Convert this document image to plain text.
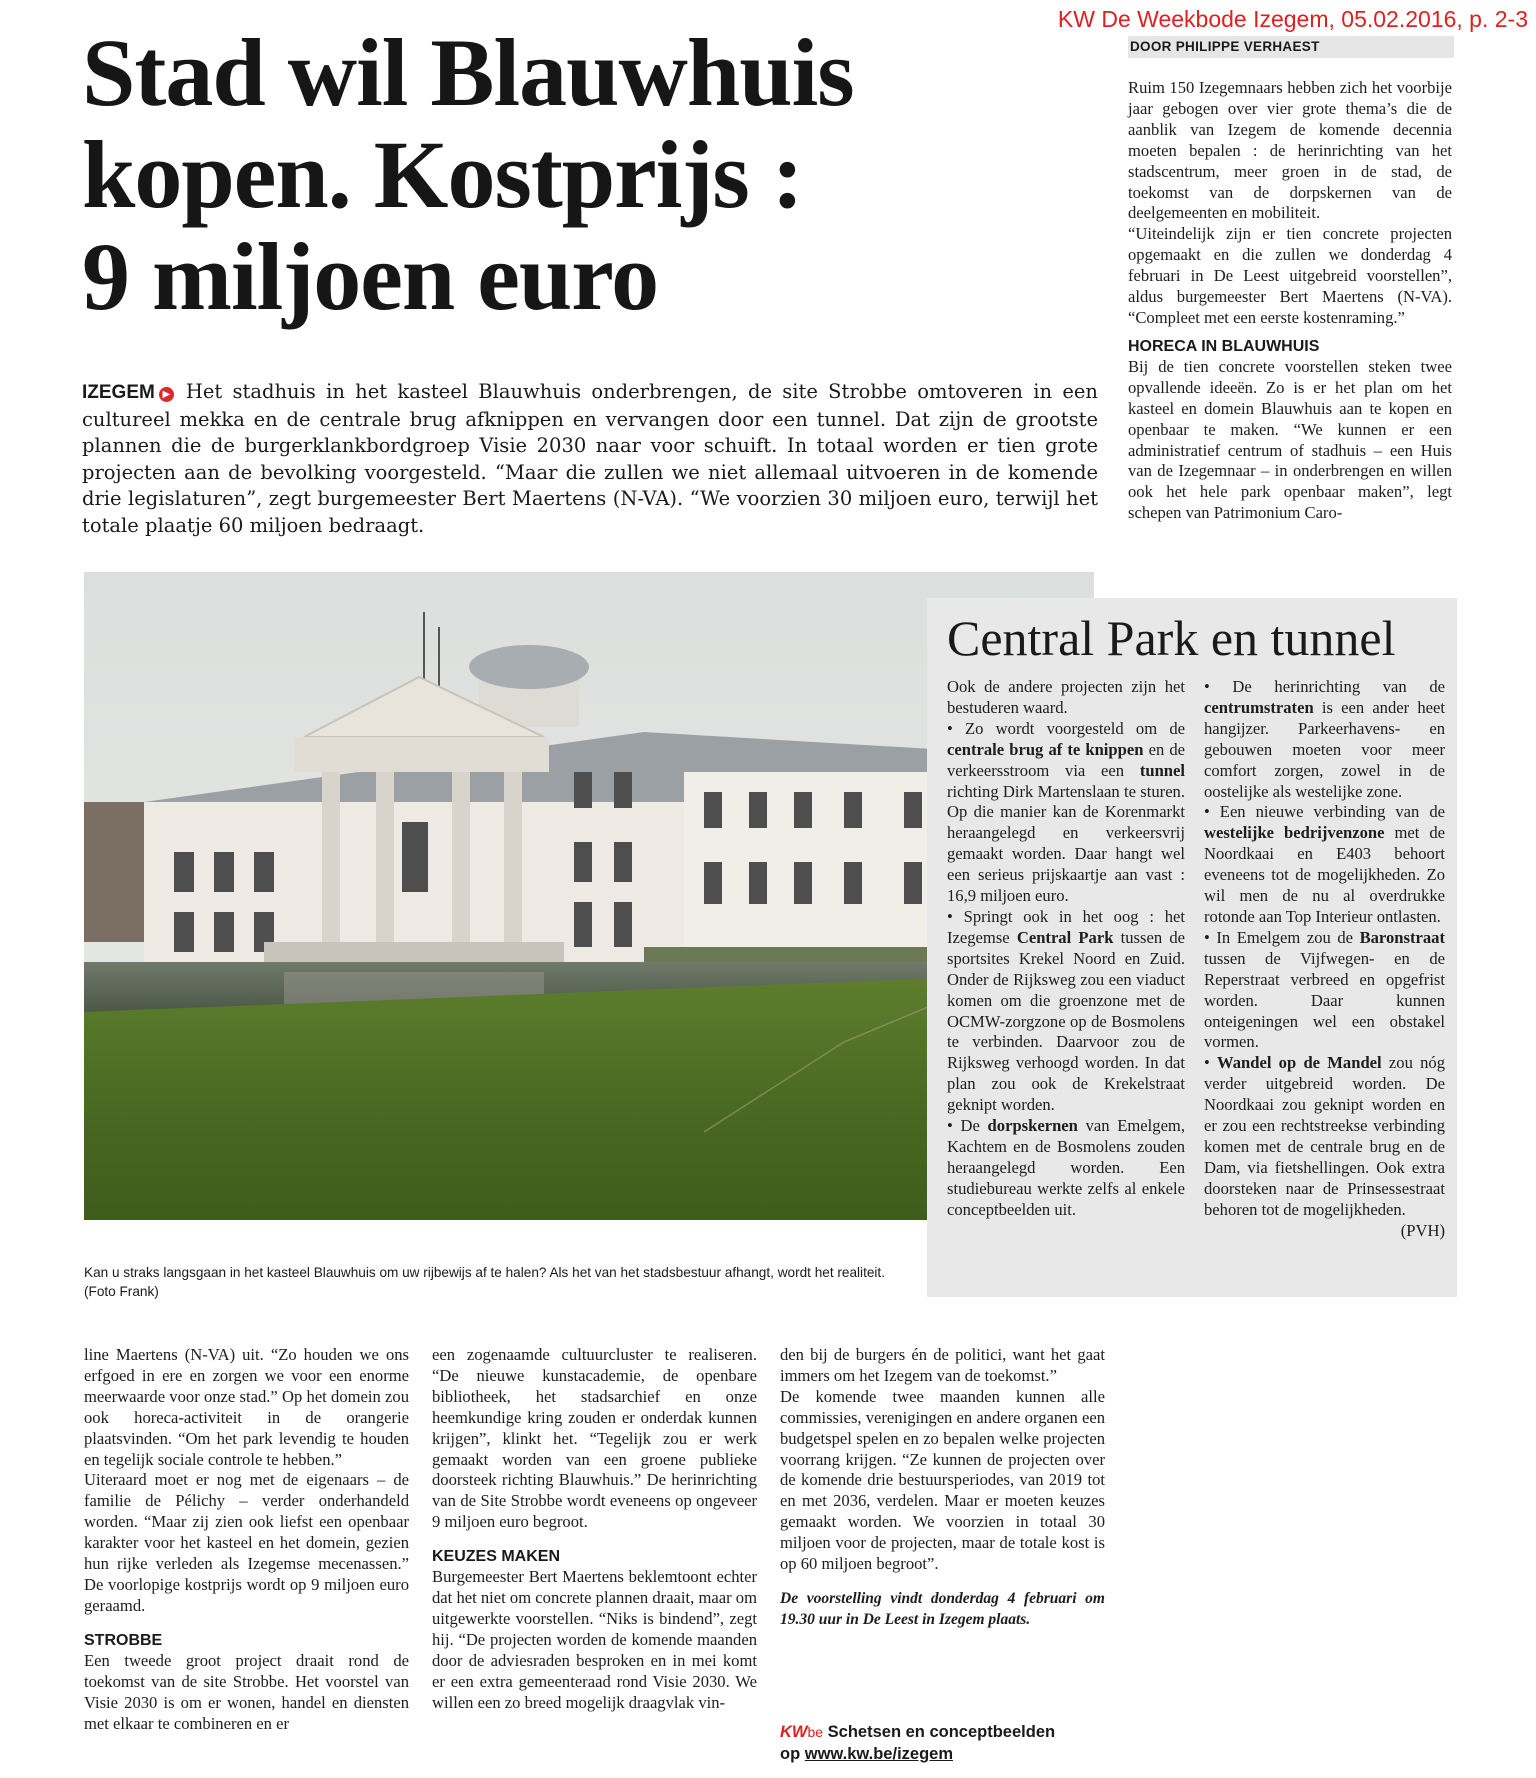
KW De Weekbode Izegem, 05.02.2016, p. 2-3
Stad wil Blauwhuis
kopen. Kostprijs :
9 miljoen euro
DOOR PHILIPPE VERHAEST

Ruim 150 Izegemnaars hebben zich het voorbije jaar gebogen over vier grote thema’s die de aanblik van Izegem de komende decennia moeten bepalen : de herinrichting van het stadscentrum, meer groen in de stad, de toekomst van de dorpskernen van de deelgemeenten en mobiliteit.

“Uiteindelijk zijn er tien concrete projecten opgemaakt en die zullen we donderdag 4 februari in De Leest uitgebreid voorstellen”, aldus burgemeester Bert Maertens (N-VA). “Compleet met een eerste kostenraming.”

HORECA IN BLAUWHUIS

Bij de tien concrete voorstellen steken twee opvallende ideeën. Zo is er het plan om het kasteel en domein Blauwhuis aan te kopen en openbaar te maken. “We kunnen er een administratief centrum of stadhuis – een Huis van de Izegemnaar – in onderbrengen en willen ook het hele park openbaar maken”, legt schepen van Patrimonium Caro-

IZEGEM ▶ Het stadhuis in het kasteel Blauwhuis onderbrengen, de site Strobbe omtoveren in een cultureel mekka en de centrale brug afknippen en vervangen door een tunnel. Dat zijn de grootste plannen die de burgerklankbordgroep Visie 2030 naar voor schuift. In totaal worden er tien grote projecten aan de bevolking voorgesteld. “Maar die zullen we niet allemaal uitvoeren in de komende drie legislaturen”, zegt burgemeester Bert Maertens (N-VA). “We voorzien 30 miljoen euro, terwijl het totale plaatje 60 miljoen bedraagt.
Kan u straks langsgaan in het kasteel Blauwhuis om uw rijbewijs af te halen? Als het van het stadsbestuur afhangt, wordt het realiteit. (Foto Frank)
Central Park en tunnel

Ook de andere projecten zijn het bestuderen waard.

• Zo wordt voorgesteld om de centrale brug af te knippen en de verkeersstroom via een tunnel richting Dirk Martenslaan te sturen. Op die manier kan de Korenmarkt heraangelegd en verkeersvrij gemaakt worden. Daar hangt wel een serieus prijskaartje aan vast : 16,9 miljoen euro.

• Springt ook in het oog : het Izegemse Central Park tussen de sportsites Krekel Noord en Zuid. Onder de Rijksweg zou een viaduct komen om die groenzone met de OCMW-zorgzone op de Bosmolens te verbinden. Daarvoor zou de Rijksweg verhoogd worden. In dat plan zou ook de Krekelstraat geknipt worden.

• De dorpskernen van Emelgem, Kachtem en de Bosmolens zouden heraangelegd worden. Een studiebureau werkte zelfs al enkele conceptbeelden uit.

• De herinrichting van de centrumstraten is een ander heet hangijzer. Parkeerhavens- en gebouwen moeten voor meer comfort zorgen, zowel in de oostelijke als westelijke zone.

• Een nieuwe verbinding van de westelijke bedrijvenzone met de Noordkaai en E403 behoort eveneens tot de mogelijkheden. Zo wil men de nu al overdrukke rotonde aan Top Interieur ontlasten.

• In Emelgem zou de Baronstraat tussen de Vijfwegen- en de Reperstraat verbreed en opgefrist worden. Daar kunnen onteigeningen wel een obstakel vormen.

• Wandel op de Mandel zou nóg verder uitgebreid worden. De Noordkaai zou geknipt worden en er zou een rechtstreekse verbinding komen met de centrale brug en de Dam, via fietshellingen. Ook extra doorsteken naar de Prinsessestraat behoren tot de mogelijkheden.

(PVH)

line Maertens (N-VA) uit. “Zo houden we ons erfgoed in ere en zorgen we voor een enorme meerwaarde voor onze stad.” Op het domein zou ook horeca-activiteit in de orangerie plaatsvinden. “Om het park levendig te houden en tegelijk sociale controle te hebben.”

Uiteraard moet er nog met de eigenaars – de familie de Pélichy – verder onderhandeld worden. “Maar zij zien ook liefst een openbaar karakter voor het kasteel en het domein, gezien hun rijke verleden als Izegemse mecenassen.” De voorlopige kostprijs wordt op 9 miljoen euro geraamd.

STROBBE

Een tweede groot project draait rond de toekomst van de site Strobbe. Het voorstel van Visie 2030 is om er wonen, handel en diensten met elkaar te combineren en er

een zogenaamde cultuurcluster te realiseren. “De nieuwe kunstacademie, de openbare bibliotheek, het stadsarchief en onze heemkundige kring zouden er onderdak kunnen krijgen”, klinkt het. “Tegelijk zou er werk gemaakt worden van een groene publieke doorsteek richting Blauwhuis.” De herinrichting van de Site Strobbe wordt eveneens op ongeveer 9 miljoen euro begroot.

KEUZES MAKEN

Burgemeester Bert Maertens beklemtoont echter dat het niet om concrete plannen draait, maar om uitgewerkte voorstellen. “Niks is bindend”, zegt hij. “De projecten worden de komende maanden door de adviesraden besproken en in mei komt er een extra gemeenteraad rond Visie 2030. We willen een zo breed mogelijk draagvlak vin-

den bij de burgers én de politici, want het gaat immers om het Izegem van de toekomst.”

De komende twee maanden kunnen alle commissies, verenigingen en andere organen een budgetspel spelen en zo bepalen welke projecten voorrang krijgen. “Ze kunnen de projecten over de komende drie bestuursperiodes, van 2019 tot en met 2036, verdelen. Maar er moeten keuzes gemaakt worden. We voorzien in totaal 30 miljoen voor de projecten, maar de totale kost is op 60 miljoen begroot”.

De voorstelling vindt donderdag 4 februari om 19.30 uur in De Leest in Izegem plaats.

KWbe Schetsen en conceptbeelden
op www.kw.be/izegem
